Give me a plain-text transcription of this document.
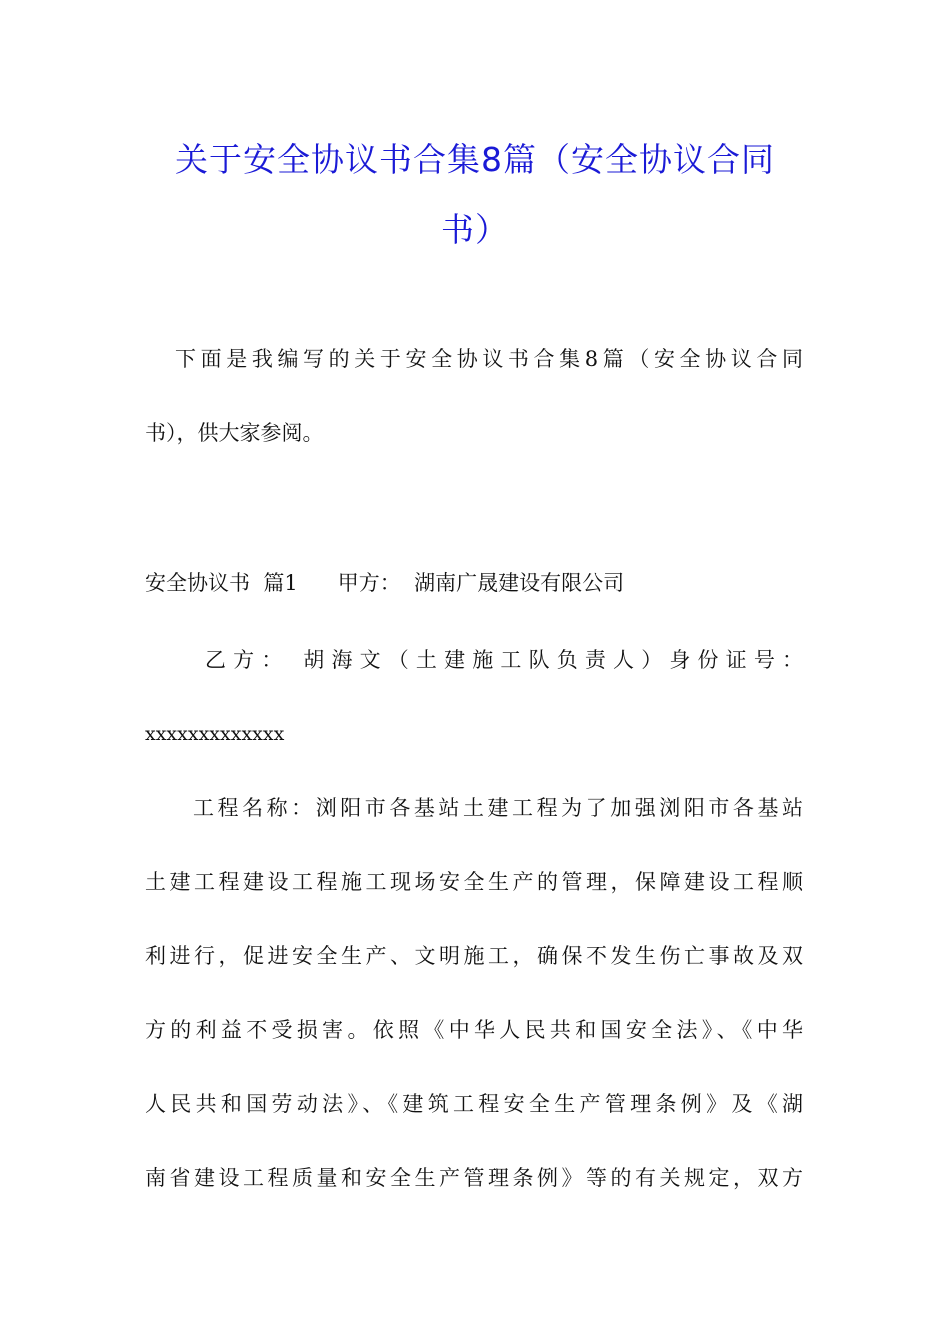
关于安全协议书合集8篇（安全协议合同
书）
下面是我编写的关于安全协议书合集8篇（安全协议合同
书），供大家参阅。
安全协议书  篇1      甲方：  湖南广晟建设有限公司
乙方： 胡海文（土建施工队负责人）身份证号：
xxxxxxxxxxxxx
工程名称：浏阳市各基站土建工程为了加强浏阳市各基站
土建工程建设工程施工现场安全生产的管理，保障建设工程顺
利进行，促进安全生产、文明施工，确保不发生伤亡事故及双
方的利益不受损害。依照《中华人民共和国安全法》、《中华
人民共和国劳动法》、《建筑工程安全生产管理条例》及《湖
南省建设工程质量和安全生产管理条例》等的有关规定，双方
